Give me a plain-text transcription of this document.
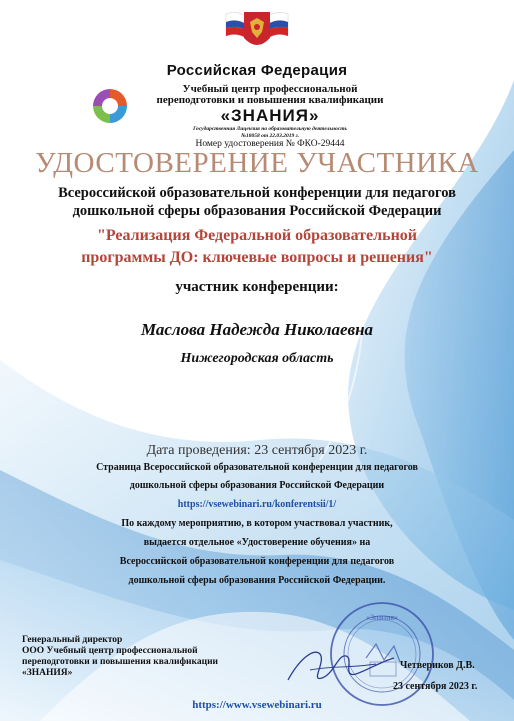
Российская Федерация
Учебный центр профессиональной
переподготовки и повышения квалификации
«ЗНАНИЯ»
Государственная Лицензия на образовательную деятельность
№18058 от 22.03.2019 г.
Номер удостоверения № ФКО-29444
УДОСТОВЕРЕНИЕ УЧАСТНИКА
Всероссийской образовательной конференции для педагогов
дошкольной сферы образования Российской Федерации
"Реализация Федеральной образовательной
программы ДО: ключевые вопросы и решения"
участник конференции:
Маслова Надежда Николаевна
Нижегородская область
Дата проведения: 23 сентября 2023 г.
Страница Всероссийской образовательной конференции для педагогов
дошкольной сферы образования Российской Федерации
https://vsewebinari.ru/konferentsii/1/
По каждому мероприятию, в котором участвовал участник,
выдается отдельное «Удостоверение обучения» на
Всероссийской образовательной конференции для педагогов
дошкольной сферы образования Российской Федерации.
Генеральный директор
ООО Учебный центр профессиональной
переподготовки и повышения квалификации
«ЗНАНИЯ»
«Знания»
Четвериков Д.В.
23 сентября 2023 г.
https://www.vsewebinari.ru
